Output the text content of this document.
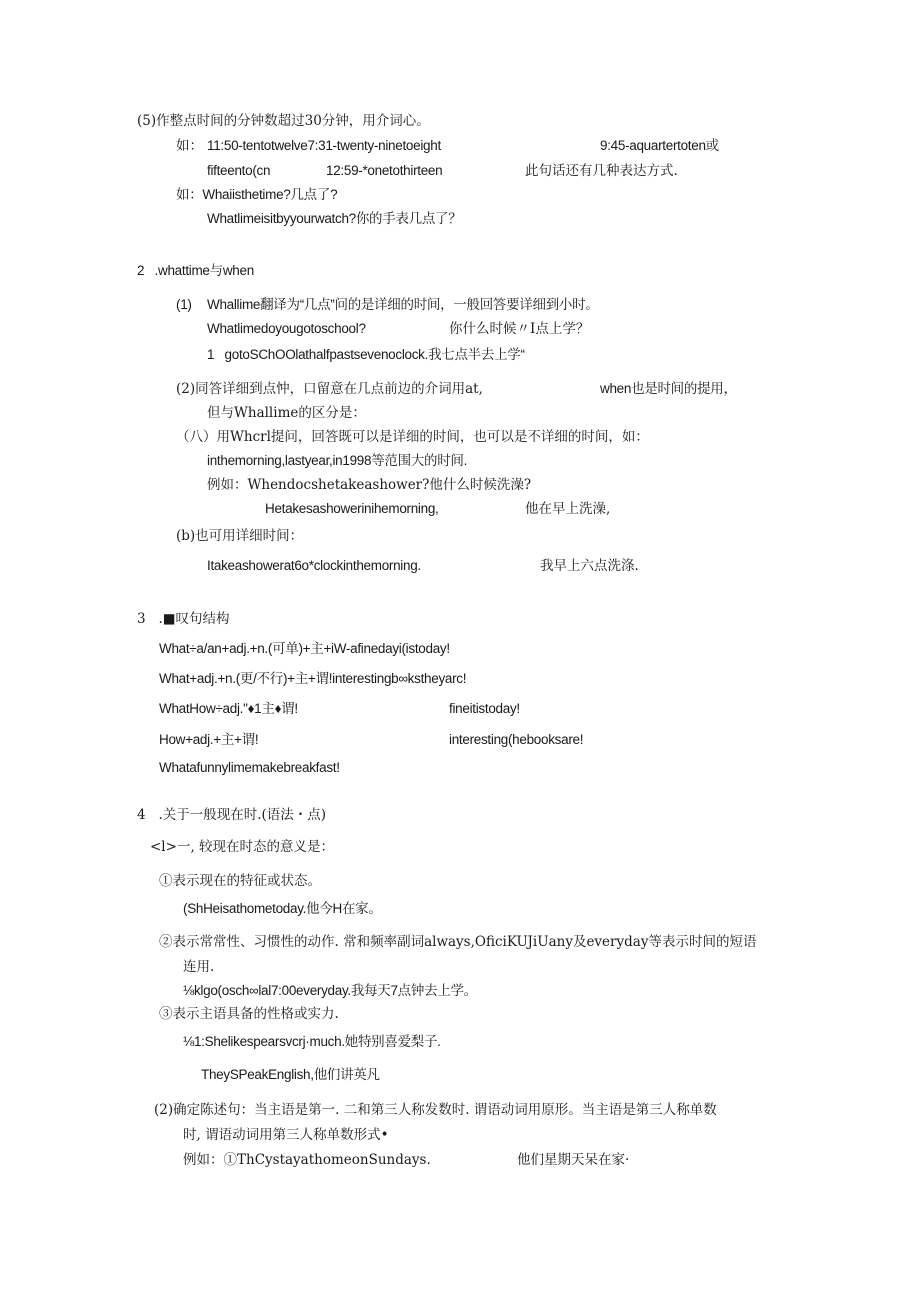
(5)作整点时间的分钟数超过30分钟，用介词心。
如： 11:50-tentotwelve7:31-twenty-ninetoeight	9:45-aquartertoten或
fifteento(cn	12:59-*onetothirteen	此句话还有几种表达方式.
如：Whaiisthetime?几点了?
Whatlimeisitbyyourwatch?你的手表几点了？
2   .whattime与when
(1) Whallime翻译为“几点”问的是详细的时间，一般回答要详细到小时。
Whatlimedoyougotoschool?	你什么时候〃I点上学？
1   gotoSChOOlathalfpastsevenoclock.我七点半去上学“
(2)同答详细到点忡，口留意在几点前边的介词用at,	when也是时间的提用，
但与Whallime的区分是：
（八）用Whcrl提问，回答既可以是详细的时间，也可以是不详细的时间，如：
inthemorning,lastyear,in1998等范围大的时间.
例如：Whendocshetakeashower?他什么时候洗澡?
Hetakesashowerinihemorning,	他在早上洗澡,
(b)也可用详细时间：
Itakeashowerat6o*clockinthemorning.	我早上六点洗涤.
3   .■叹句结构
What÷a/an+adj.+n.(可单)+主+iW-afinedayi(istoday!
What+adj.+n.(更/不行)+主+谓!interestingb∞kstheyarc!
WhatHow÷adj."♦1主♦谓!	fineitistoday!
How+adj.+主+谓!	interesting(hebooksare!
Whatafunnylimemakebreakfast!
4   .关于一般现在时.(语法・点)
<l>一, 较现在时态的意义是：
①表示现在的特征或状态。
(ShHeisathometoday.他今H在家。
②表示常常性、习惯性的动作. 常和频率副词always,OficiKUJiUany及everyday等表示时间的短语
连用.
⅛klgo(osch∞lal7:00everyday.我每天7点钟去上学。
③表示主语具备的性格或实力.
⅛1:Shelikespearsvcrj·much.她特别喜爱梨子.
TheySPeakEnglish,他们讲英凡
(2)确定陈述句：当主语是第一. 二和第三人称发数时. 谓语动词用原形。当主语是第三人称单数
时, 谓语动词用第三人称单数形式•
例如：①ThCystayathomeonSundays.	他们星期天呆在家·
